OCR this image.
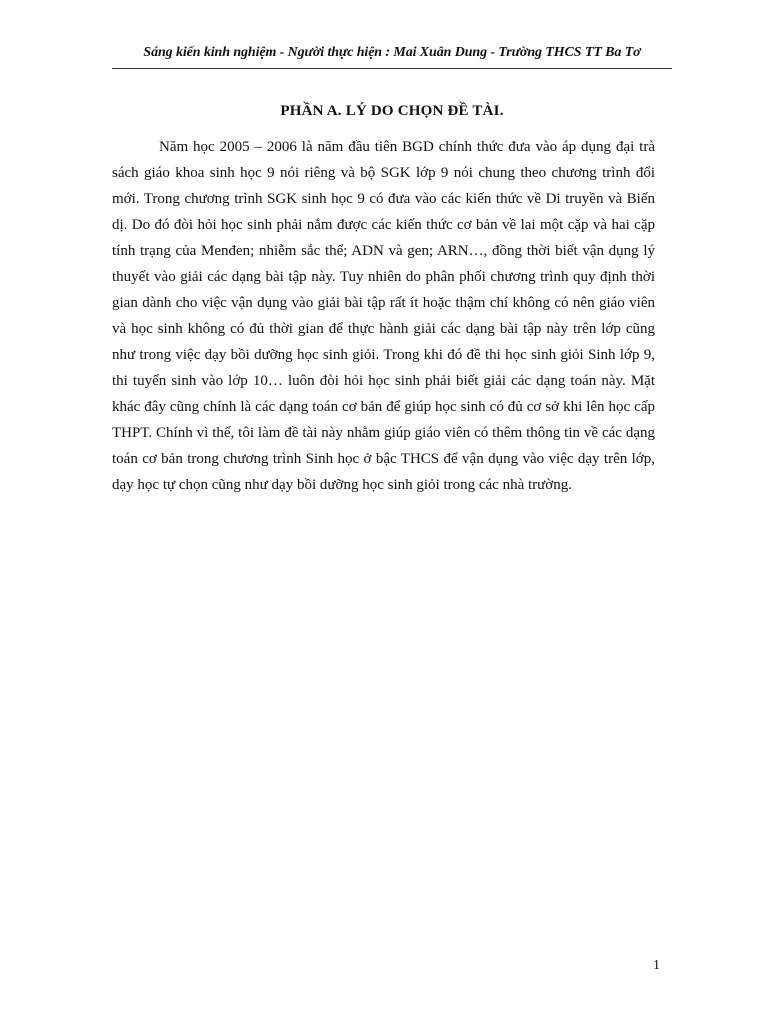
Sáng kiến kinh nghiệm - Người thực hiện : Mai Xuân Dung - Trường THCS TT Ba Tơ
PHẦN A. LÝ DO CHỌN ĐỀ TÀI.

Năm học 2005 – 2006 là năm đầu tiên BGD chính thức đưa vào áp dụng đại trà sách giáo khoa sinh học 9 nói riêng và bộ SGK lớp 9 nói chung theo chương trình đổi mới. Trong chương trình SGK sinh học 9 có đưa vào các kiến thức về Di truyền và Biến dị. Do đó đòi hỏi học sinh phải nắm được các kiến thức cơ bản về lai một cặp và hai cặp tính trạng của Menđen; nhiễm sắc thể; ADN và gen; ARN…, đồng thời biết vận dụng lý thuyết vào giải các dạng bài tập này. Tuy nhiên do phân phối chương trình quy định thời gian dành cho việc vận dụng vào giải bài tập rất ít hoặc thậm chí không có nên giáo viên và học sinh không có đủ thời gian để thực hành giải các dạng bài tập này trên lớp cũng như trong việc dạy bồi dưỡng học sinh giỏi. Trong khi đó đề thi học sinh giỏi Sinh lớp 9, thi tuyển sinh vào lớp 10… luôn đòi hỏi học sinh phải biết giải các dạng toán này. Mặt khác đây cũng chính là các dạng toán cơ bản để giúp học sinh có đủ cơ sở khi lên học cấp THPT. Chính vì thế, tôi làm đề tài này nhằm giúp giáo viên có thêm thông tin về các dạng toán cơ bản trong chương trình Sinh học ở bậc THCS để vận dụng vào việc dạy trên lớp, dạy học tự chọn cũng như dạy bồi dưỡng học sinh giỏi trong các nhà trường.

1
